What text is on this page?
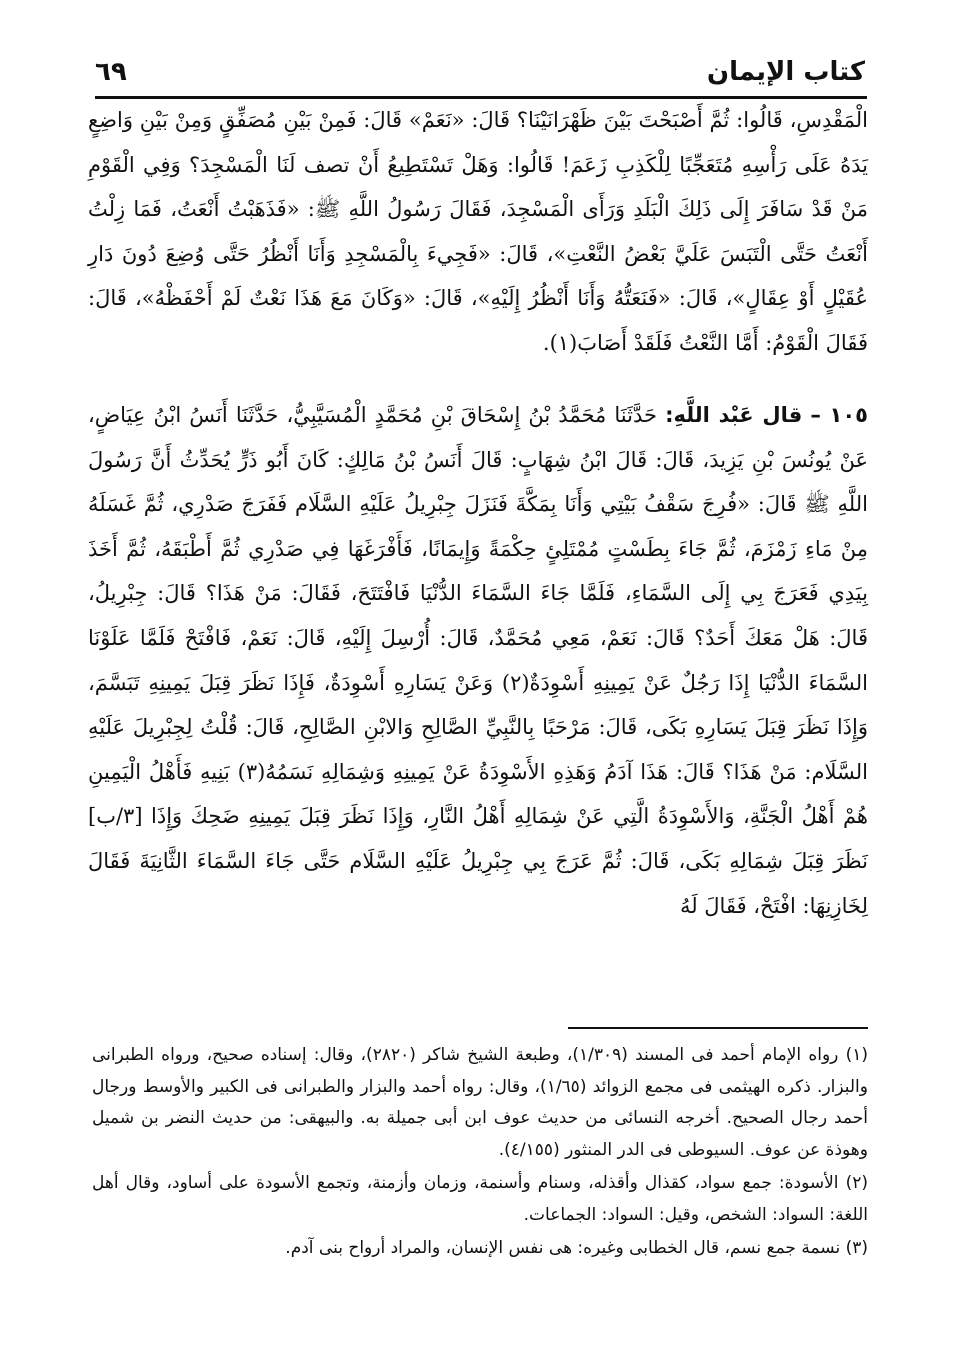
كتاب الإيمان
٦٩

الْمَقْدِسِ، قَالُوا: ثُمَّ أَصْبَحْتَ بَيْنَ ظَهْرَانَيْنَا؟ قَالَ: «نَعَمْ» قَالَ: فَمِنْ بَيْنِ مُصَفِّقٍ وَمِنْ بَيْنِ وَاضِعٍ يَدَهُ عَلَى رَأْسِهِ مُتَعَجِّبًا لِلْكَذِبِ زَعَمَ! قَالُوا: وَهَلْ تَسْتَطِيعُ أَنْ تصف لَنَا الْمَسْجِدَ؟ وَفِي الْقَوْمِ مَنْ قَدْ سَافَرَ إِلَى ذَلِكَ الْبَلَدِ وَرَأَى الْمَسْجِدَ، فَقَالَ رَسُولُ اللَّهِ ﷺ: «فَذَهَبْتُ أَنْعَتُ، فَمَا زِلْتُ أَنْعَتُ حَتَّى الْتَبَسَ عَلَيَّ بَعْضُ النَّعْتِ»، قَالَ: «فَجِيءَ بِالْمَسْجِدِ وَأَنَا أَنْظُرُ حَتَّى وُضِعَ دُونَ دَارِ عُقَيْلٍ أَوْ عِقَالٍ»، قَالَ: «فَنَعَتُّهُ وَأَنَا أَنْظُرُ إِلَيْهِ»، قَالَ: «وَكَانَ مَعَ هَذَا نَعْتٌ لَمْ أَحْفَظْهُ»، قَالَ: فَقَالَ الْقَوْمُ: أَمَّا النَّعْتُ فَلَقَدْ أَصَابَ(١).

١٠٥ – قال عَبْد اللَّهِ: حَدَّثَنَا مُحَمَّدُ بْنُ إِسْحَاقَ بْنِ مُحَمَّدٍ الْمُسَيَّبِيُّ، حَدَّثَنَا أَنَسُ ابْنُ عِيَاضٍ، عَنْ يُونُسَ بْنِ يَزِيدَ، قَالَ: قَالَ ابْنُ شِهَابٍ: قَالَ أَنَسُ بْنُ مَالِكٍ: كَانَ أَبُو ذَرٍّ يُحَدِّثُ أَنَّ رَسُولَ اللَّهِ ﷺ قَالَ: «فُرِجَ سَقْفُ بَيْتِي وَأَنَا بِمَكَّةَ فَنَزَلَ جِبْرِيلُ عَلَيْهِ السَّلَام فَفَرَجَ صَدْرِي، ثُمَّ غَسَلَهُ مِنْ مَاءِ زَمْزَمَ، ثُمَّ جَاءَ بِطَسْتٍ مُمْتَلِئٍ حِكْمَةً وَإِيمَانًا، فَأَفْرَغَهَا فِي صَدْرِي ثُمَّ أَطْبَقَهُ، ثُمَّ أَخَذَ بِيَدِي فَعَرَجَ بِي إِلَى السَّمَاءِ، فَلَمَّا جَاءَ السَّمَاءَ الدُّنْيَا فَافْتَتَحَ، فَقَالَ: مَنْ هَذَا؟ قَالَ: جِبْرِيلُ، قَالَ: هَلْ مَعَكَ أَحَدٌ؟ قَالَ: نَعَمْ، مَعِي مُحَمَّدٌ، قَالَ: أُرْسِلَ إِلَيْهِ، قَالَ: نَعَمْ، فَافْتَحْ فَلَمَّا عَلَوْنَا السَّمَاءَ الدُّنْيَا إِذَا رَجُلٌ عَنْ يَمِينِهِ أَسْوِدَةٌ(٢) وَعَنْ يَسَارِهِ أَسْوِدَةٌ، فَإِذَا نَظَرَ قِبَلَ يَمِينِهِ تَبَسَّمَ، وَإِذَا نَظَرَ قِبَلَ يَسَارِهِ بَكَى، قَالَ: مَرْحَبًا بِالنَّبِيِّ الصَّالِحِ وَالابْنِ الصَّالِحِ، قَالَ: قُلْتُ لِجِبْرِيلَ عَلَيْهِ السَّلَام: مَنْ هَذَا؟ قَالَ: هَذَا آدَمُ وَهَذِهِ الأَسْوِدَةُ عَنْ يَمِينِهِ وَشِمَالِهِ نَسَمُهُ(٣) بَنِيهِ فَأَهْلُ الْيَمِينِ هُمْ أَهْلُ الْجَنَّةِ، وَالأَسْوِدَةُ الَّتِي عَنْ شِمَالِهِ أَهْلُ النَّارِ، وَإِذَا نَظَرَ قِبَلَ يَمِينِهِ ضَحِكَ وَإِذَا [٣/ب] نَظَرَ قِبَلَ شِمَالِهِ بَكَى، قَالَ: ثُمَّ عَرَجَ بِي جِبْرِيلُ عَلَيْهِ السَّلَام حَتَّى جَاءَ السَّمَاءَ الثَّانِيَةَ فَقَالَ لِخَازِنِهَا: افْتَحْ، فَقَالَ لَهُ

(١) رواه الإمام أحمد فى المسند (١/٣٠٩)، وطبعة الشيخ شاكر (٢٨٢٠)، وقال: إسناده صحيح، ورواه الطبرانى والبزار. ذكره الهيثمى فى مجمع الزوائد (١/٦٥)، وقال: رواه أحمد والبزار والطبرانى فى الكبير والأوسط ورجال أحمد رجال الصحيح. أخرجه النسائى من حديث عوف ابن أبى جميلة به. والبيهقى: من حديث النضر بن شميل وهوذة عن عوف. السيوطى فى الدر المنثور (٤/١٥٥).

(٢) الأسودة: جمع سواد، كقذال وأقذله، وسنام وأسنمة، وزمان وأزمنة، وتجمع الأسودة على أساود، وقال أهل اللغة: السواد: الشخص، وقيل: السواد: الجماعات.

(٣) نسمة جمع نسم، قال الخطابى وغيره: هى نفس الإنسان، والمراد أرواح بنى آدم.
